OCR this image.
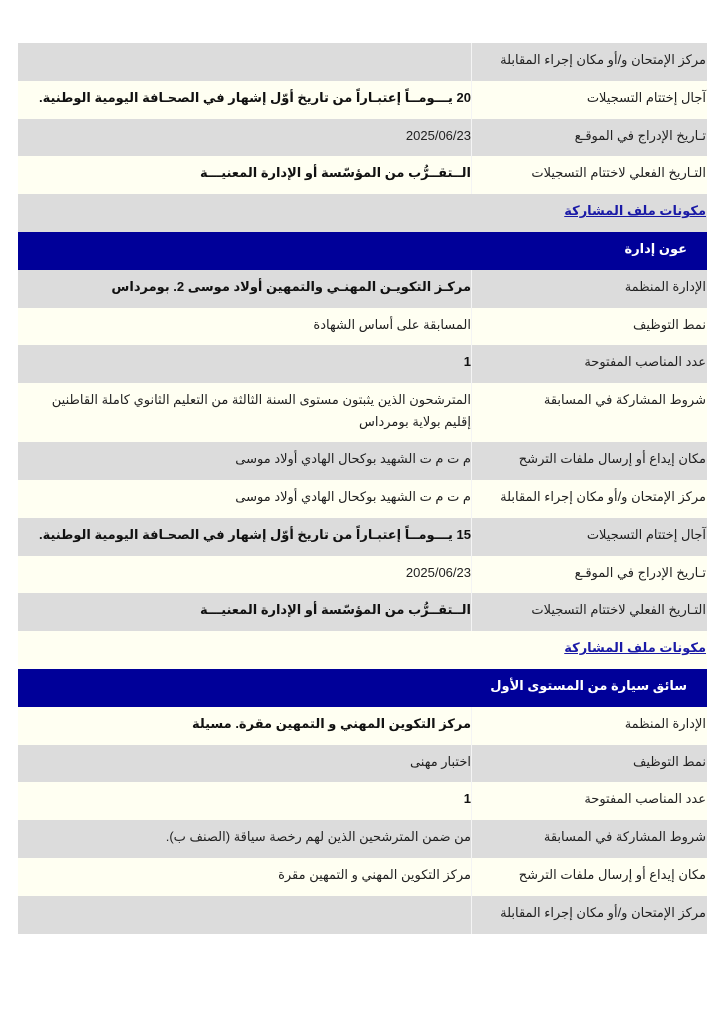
مركز الإمتحان و/أو مكان إجراء المقابلة
آجال إختتام التسجيلات
20 يـــومــاً إعتبـاراً من تاريخ أوّل إشهار في الصحـافة اليومية الوطنية.
تـاريخ الإدراج في الموقـع
2025/06/23
التـاريخ الفعلي لاختتام التسجيلات
الــتقــرُّب من المؤسّسة أو الإدارة المعنيـــة
مكونات ملف المشاركة
عون إدارة
الإدارة المنظمة
مركـز التكويـن المهنـي والتمهين أولاد موسى 2. بومرداس
نمط التوظيف
المسابقة على أساس الشهادة
عدد المناصب المفتوحة
1
شروط المشاركة في المسابقة
المترشحون الذين يثبتون مستوى السنة الثالثة من التعليم الثانوي كاملة القاطنين إقليم بولاية بومرداس
مكان إيداع أو إرسال ملفات الترشح
م ت م ت الشهيد بوكحال الهادي أولاد موسى
مركز الإمتحان و/أو مكان إجراء المقابلة
م ت م ت الشهيد بوكحال الهادي أولاد موسى
آجال إختتام التسجيلات
15 يـــومــاً إعتبـاراً من تاريخ أوّل إشهار في الصحـافة اليومية الوطنية.
تـاريخ الإدراج في الموقـع
2025/06/23
التـاريخ الفعلي لاختتام التسجيلات
الــتقــرُّب من المؤسّسة أو الإدارة المعنيـــة
مكونات ملف المشاركة
سائق سيارة من المستوى الأول
الإدارة المنظمة
مركز التكوين المهني و التمهين مقرة. مسيلة
نمط التوظيف
اختبار مهنى
عدد المناصب المفتوحة
1
شروط المشاركة في المسابقة
من ضمن المترشحين الذين لهم رخصة سياقة (الصنف ب).
مكان إيداع أو إرسال ملفات الترشح
مركز التكوين المهني و التمهين مقرة
مركز الإمتحان و/أو مكان إجراء المقابلة
